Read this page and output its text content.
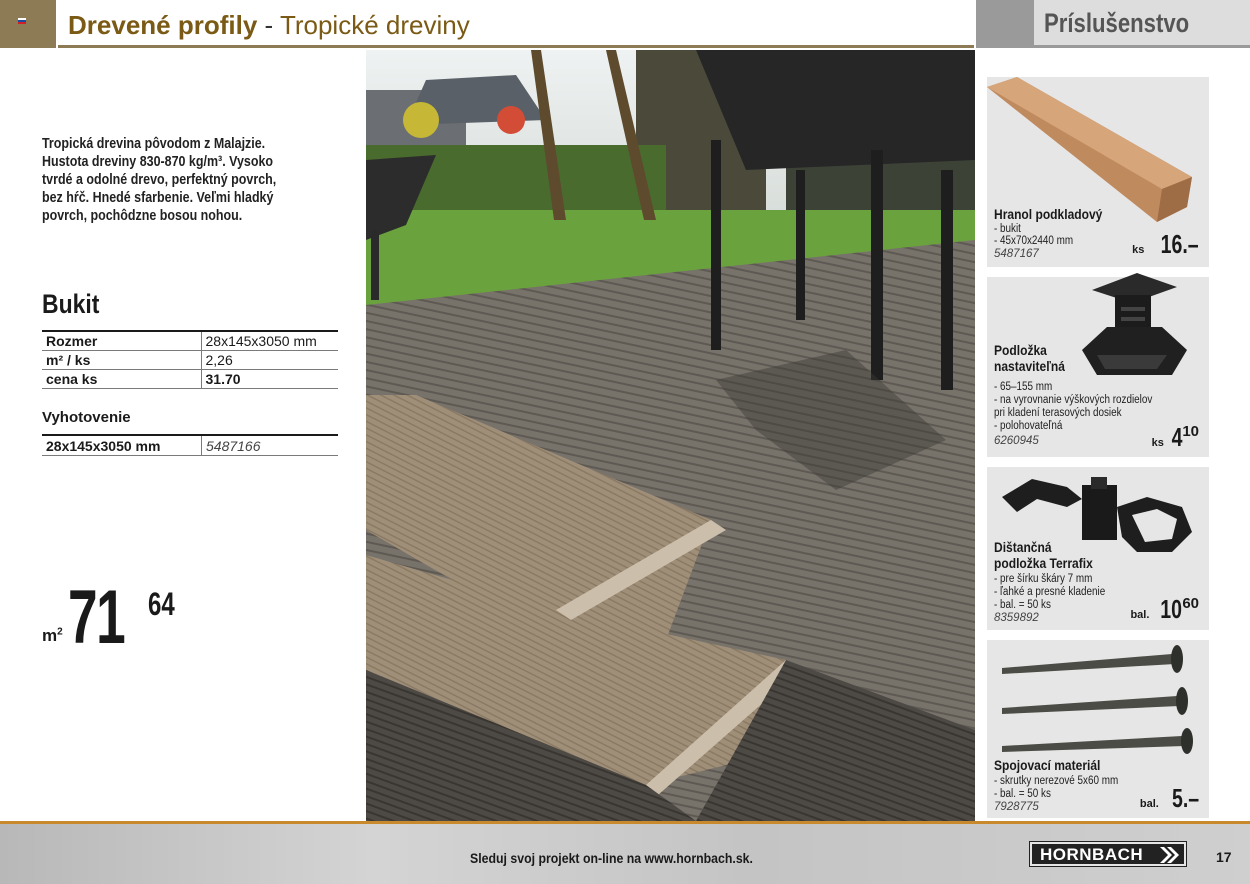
Drevené profily - Tropické dreviny	Príslušenstvo
Tropická drevina pôvodom z Malajzie.
Hustota dreviny 830-870 kg/m³. Vysoko
tvrdé a odolné drevo, perfektný povrch,
bez hŕč. Hnedé sfarbenie. Veľmi hladký
povrch, pochôdzne bosou nohou.
Bukit
Rozmer	28x145x3050 mm
m² / ks	2,26
cena ks	31.70
Vyhotovenie
28x145x3050 mm	5487166
$m^2$ 71 64
Hranol podkladový
- bukit
- 45x70x2440 mm
5487167	ks 16.–
Podložka
nastaviteľná
- 65–155 mm
- na vyrovnanie výškových rozdielov
pri kladení terasových dosiek
- polohovateľná
6260945	ks 410
Dištančná
podložka Terrafix
- pre šírku škáry 7 mm
- ľahké a presné kladenie
- bal. = 50 ks
8359892	bal. 1060
Spojovací materiál
- skrutky nerezové 5x60 mm
- bal. = 50 ks
7928775	bal. 5.–
Sleduj svoj projekt on-line na www.hornbach.sk.	HORNBACH	17
